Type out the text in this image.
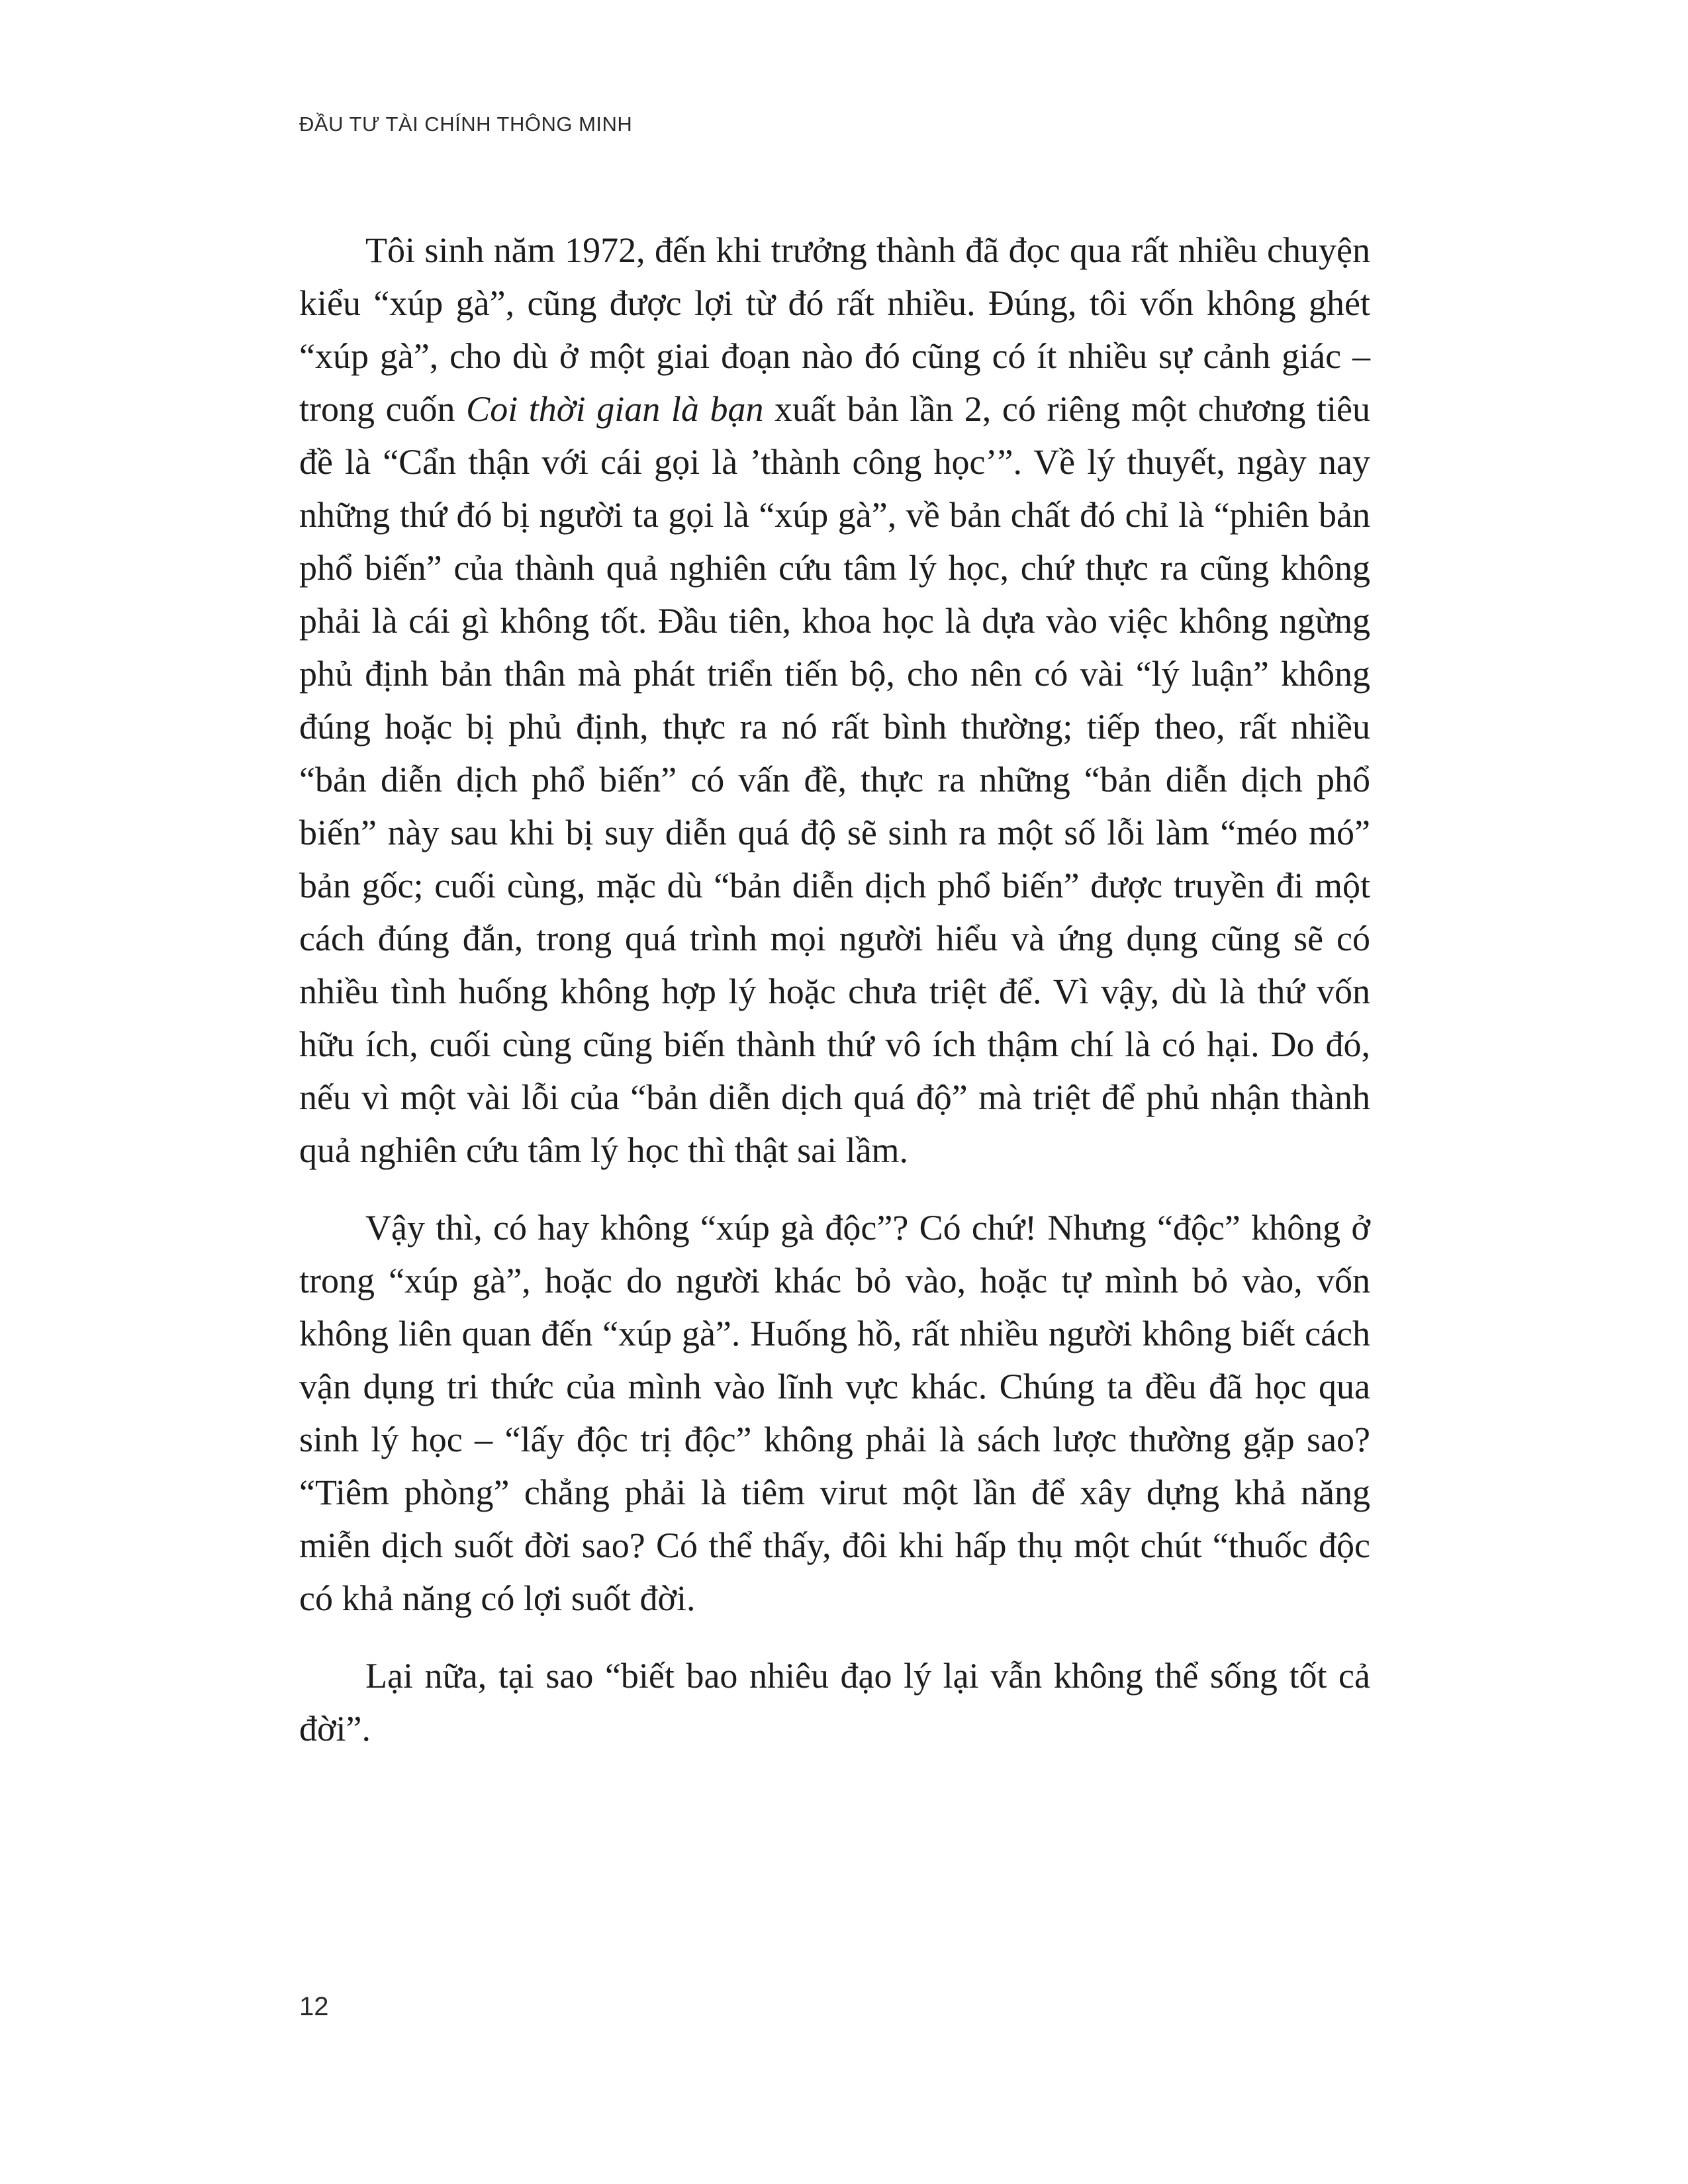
ĐẦU TƯ TÀI CHÍNH THÔNG MINH

Tôi sinh năm 1972, đến khi trưởng thành đã đọc qua rất nhiều chuyện kiểu “xúp gà”, cũng được lợi từ đó rất nhiều. Đúng, tôi vốn không ghét “xúp gà”, cho dù ở một giai đoạn nào đó cũng có ít nhiều sự cảnh giác – trong cuốn Coi thời gian là bạn xuất bản lần 2, có riêng một chương tiêu đề là “Cẩn thận với cái gọi là ’thành công học’”. Về lý thuyết, ngày nay những thứ đó bị người ta gọi là “xúp gà”, về bản chất đó chỉ là “phiên bản phổ biến” của thành quả nghiên cứu tâm lý học, chứ thực ra cũng không phải là cái gì không tốt. Đầu tiên, khoa học là dựa vào việc không ngừng phủ định bản thân mà phát triển tiến bộ, cho nên có vài “lý luận” không đúng hoặc bị phủ định, thực ra nó rất bình thường; tiếp theo, rất nhiều “bản diễn dịch phổ biến” có vấn đề, thực ra những “bản diễn dịch phổ biến” này sau khi bị suy diễn quá độ sẽ sinh ra một số lỗi làm “méo mó” bản gốc; cuối cùng, mặc dù “bản diễn dịch phổ biến” được truyền đi một cách đúng đắn, trong quá trình mọi người hiểu và ứng dụng cũng sẽ có nhiều tình huống không hợp lý hoặc chưa triệt để. Vì vậy, dù là thứ vốn hữu ích, cuối cùng cũng biến thành thứ vô ích thậm chí là có hại. Do đó, nếu vì một vài lỗi của “bản diễn dịch quá độ” mà triệt để phủ nhận thành quả nghiên cứu tâm lý học thì thật sai lầm.

Vậy thì, có hay không “xúp gà độc”? Có chứ! Nhưng “độc” không ở trong “xúp gà”, hoặc do người khác bỏ vào, hoặc tự mình bỏ vào, vốn không liên quan đến “xúp gà”. Huống hồ, rất nhiều người không biết cách vận dụng tri thức của mình vào lĩnh vực khác. Chúng ta đều đã học qua sinh lý học – “lấy độc trị độc” không phải là sách lược thường gặp sao? “Tiêm phòng” chẳng phải là tiêm virut một lần để xây dựng khả năng miễn dịch suốt đời sao? Có thể thấy, đôi khi hấp thụ một chút “thuốc độc có khả năng có lợi suốt đời.

Lại nữa, tại sao “biết bao nhiêu đạo lý lại vẫn không thể sống tốt cả đời”.

12
